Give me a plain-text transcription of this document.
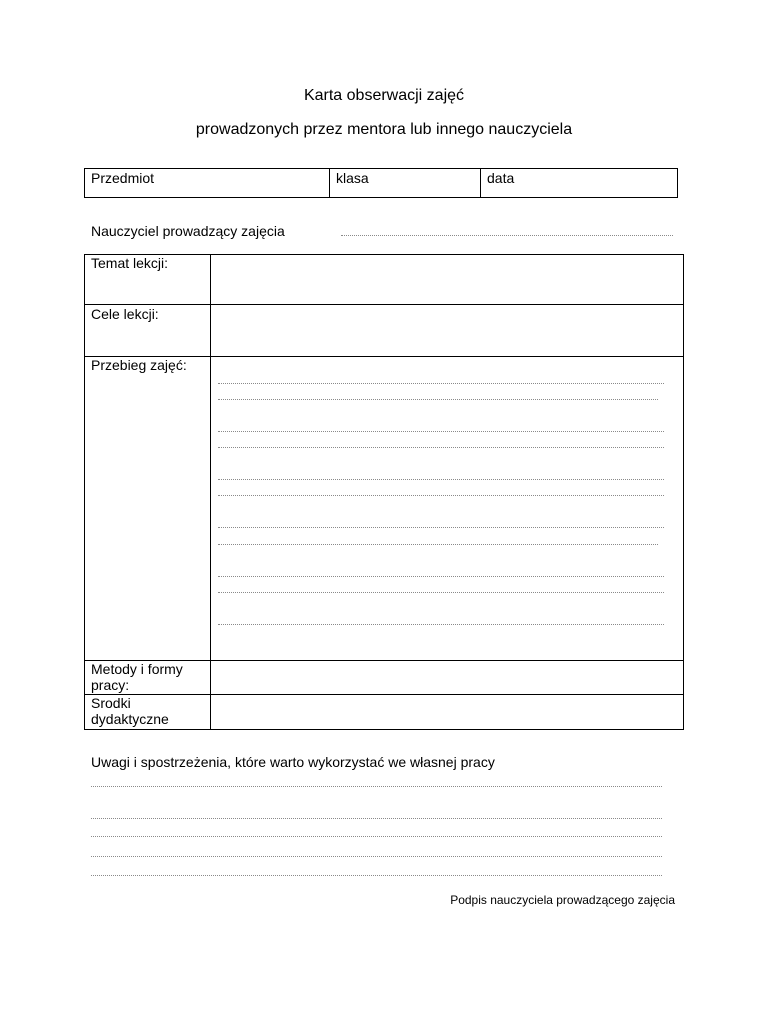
Karta obserwacji zajęć
prowadzonych przez mentora lub innego nauczyciela
Przedmiot	klasa	data
Nauczyciel prowadzący zajęcia
Temat lekcji:
Cele lekcji:
Przebieg zajęć:
Metody i formy
pracy:
Srodki
dydaktyczne
Uwagi i spostrzeżenia, które warto wykorzystać we własnej pracy
Podpis nauczyciela prowadzącego zajęcia
